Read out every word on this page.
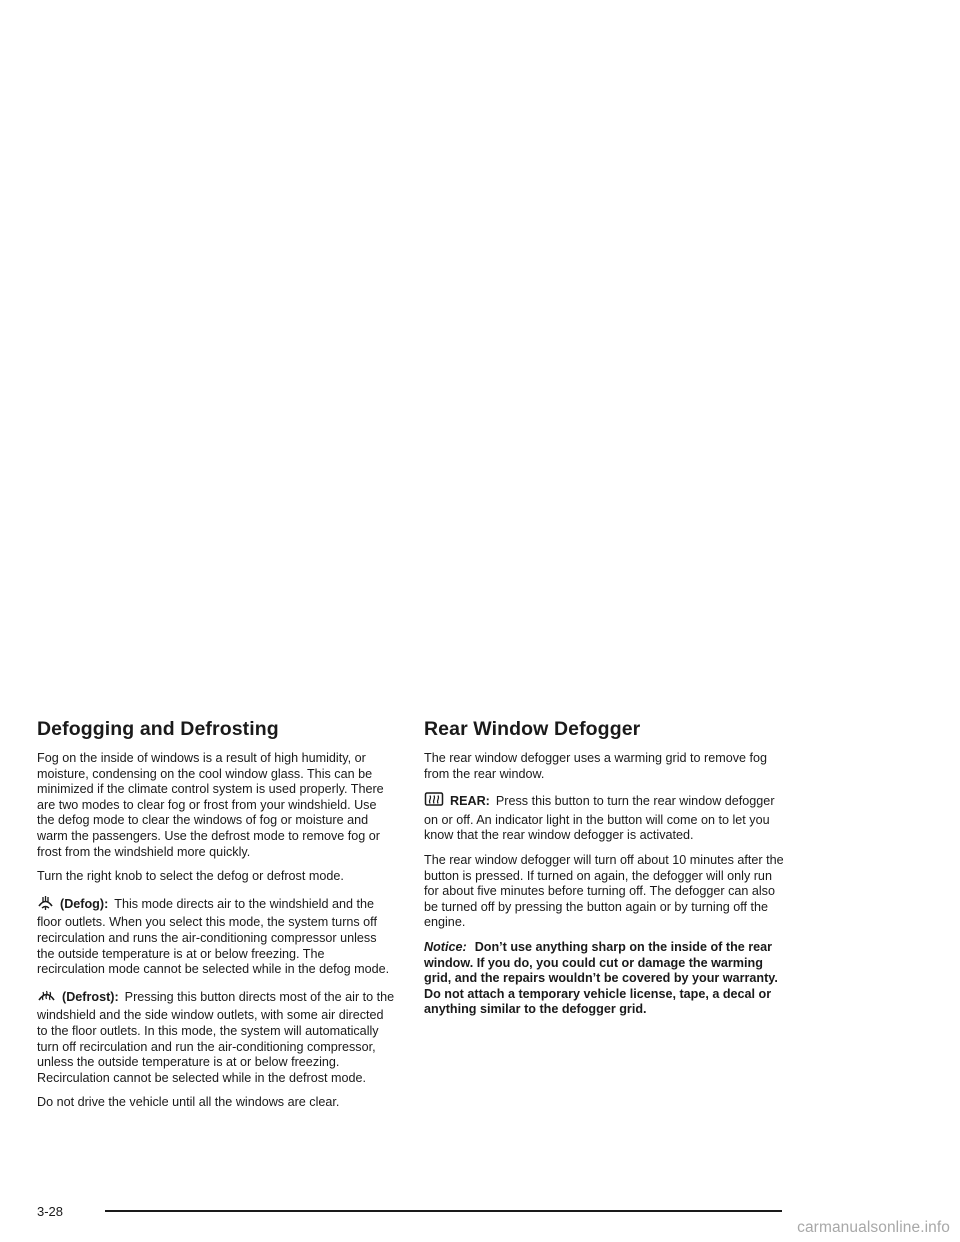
Defogging and Defrosting

Fog on the inside of windows is a result of high humidity, or moisture, condensing on the cool window glass. This can be minimized if the climate control system is used properly. There are two modes to clear fog or frost from your windshield. Use the defog mode to clear the windows of fog or moisture and warm the passengers. Use the defrost mode to remove fog or frost from the windshield more quickly.

Turn the right knob to select the defog or defrost mode.

(Defog): This mode directs air to the windshield and the floor outlets. When you select this mode, the system turns off recirculation and runs the air-conditioning compressor unless the outside temperature is at or below freezing. The recirculation mode cannot be selected while in the defog mode.

(Defrost): Pressing this button directs most of the air to the windshield and the side window outlets, with some air directed to the floor outlets. In this mode, the system will automatically turn off recirculation and run the air-conditioning compressor, unless the outside temperature is at or below freezing. Recirculation cannot be selected while in the defrost mode.

Do not drive the vehicle until all the windows are clear.

Rear Window Defogger

The rear window defogger uses a warming grid to remove fog from the rear window.

REAR: Press this button to turn the rear window defogger on or off. An indicator light in the button will come on to let you know that the rear window defogger is activated.

The rear window defogger will turn off about 10 minutes after the button is pressed. If turned on again, the defogger will only run for about five minutes before turning off. The defogger can also be turned off by pressing the button again or by turning off the engine.

Notice: Don’t use anything sharp on the inside of the rear window. If you do, you could cut or damage the warming grid, and the repairs wouldn’t be covered by your warranty. Do not attach a temporary vehicle license, tape, a decal or anything similar to the defogger grid.

3-28
carmanualsonline.info
